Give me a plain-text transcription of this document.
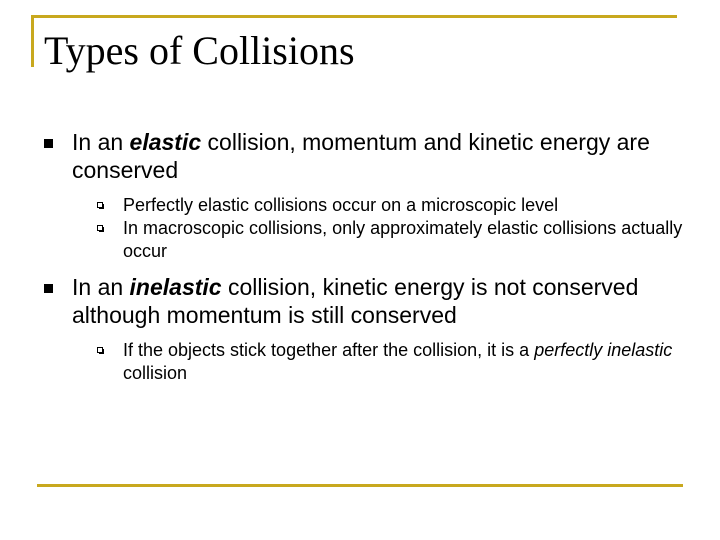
Types of Collisions
In an elastic collision, momentum and kinetic energy are conserved
Perfectly elastic collisions occur on a microscopic level
In macroscopic collisions, only approximately elastic collisions actually occur
In an inelastic collision, kinetic energy is not conserved although momentum is still conserved
If the objects stick together after the collision, it is a perfectly inelastic collision
